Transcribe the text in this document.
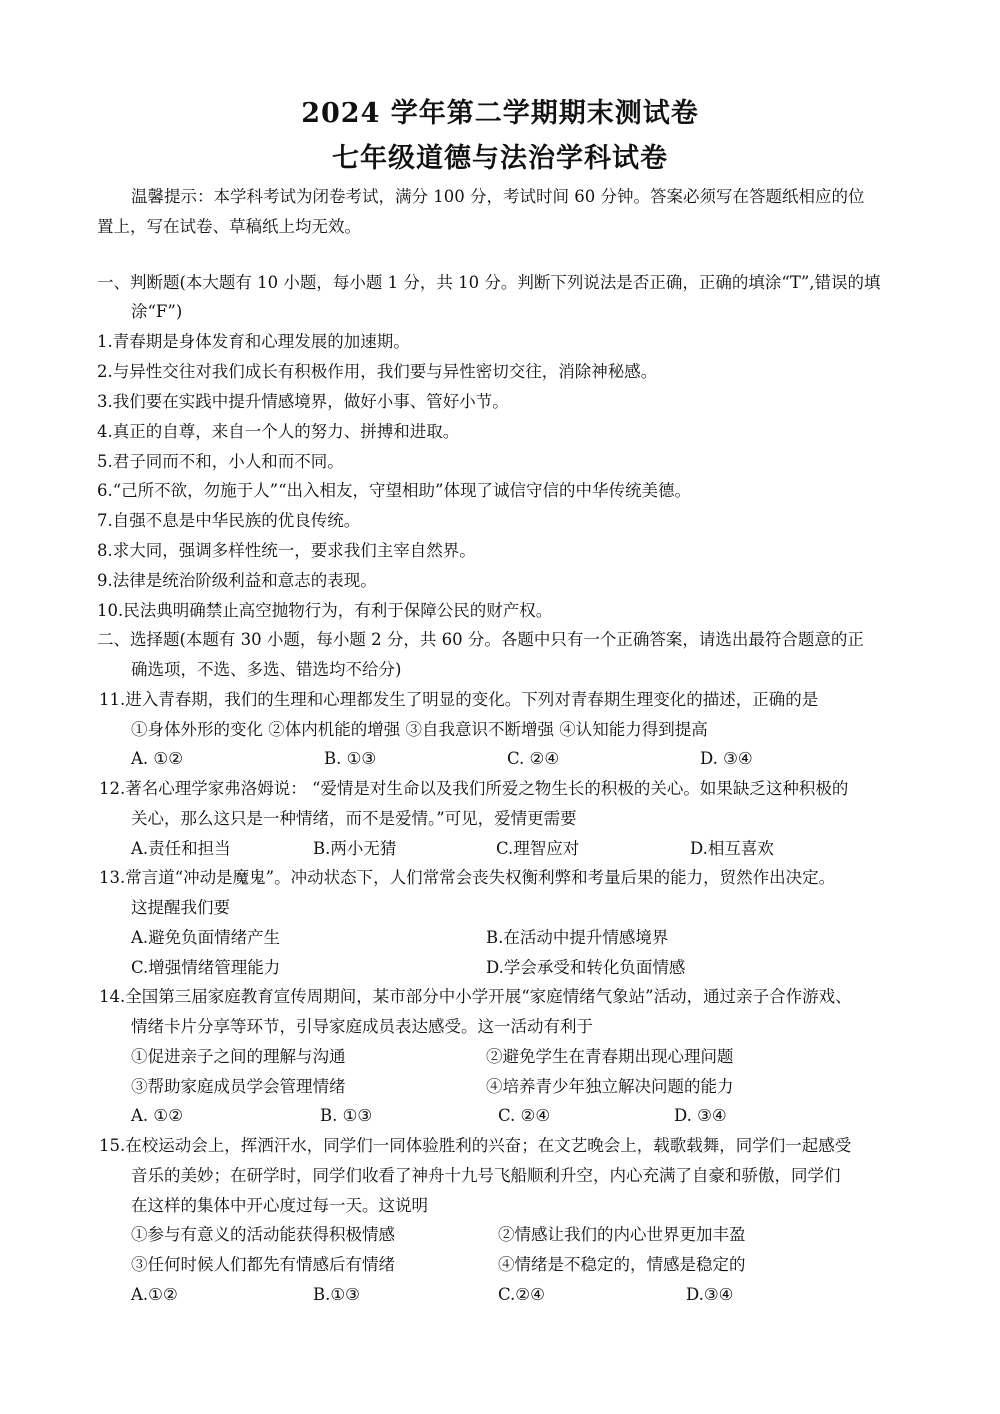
2024 学年第二学期期末测试卷
七年级道德与法治学科试卷
温馨提示：本学科考试为闭卷考试，满分 100 分，考试时间 60 分钟。答案必须写在答题纸相应的位
置上，写在试卷、草稿纸上均无效。
一、判断题(本大题有 10 小题，每小题 1 分，共 10 分。判断下列说法是否正确，正确的填涂“T”,错误的填
涂“F”)
1.青春期是身体发育和心理发展的加速期。
2.与异性交往对我们成长有积极作用，我们要与异性密切交往，消除神秘感。
3.我们要在实践中提升情感境界，做好小事、管好小节。
4.真正的自尊，来自一个人的努力、拼搏和进取。
5.君子同而不和，小人和而不同。
6.“己所不欲，勿施于人”“出入相友，守望相助”体现了诚信守信的中华传统美德。
7.自强不息是中华民族的优良传统。
8.求大同，强调多样性统一，要求我们主宰自然界。
9.法律是统治阶级利益和意志的表现。
10.民法典明确禁止高空抛物行为，有利于保障公民的财产权。
二、选择题(本题有 30 小题，每小题 2 分，共 60 分。各题中只有一个正确答案，请选出最符合题意的正
确选项，不选、多选、错选均不给分)
11.进入青春期，我们的生理和心理都发生了明显的变化。下列对青春期生理变化的描述，正确的是
①身体外形的变化 ②体内机能的增强 ③自我意识不断增强 ④认知能力得到提高
A. ①②	B. ①③	C. ②④	D. ③④
12.著名心理学家弗洛姆说： “爱情是对生命以及我们所爱之物生长的积极的关心。如果缺乏这种积极的
关心，那么这只是一种情绪，而不是爱情。”可见，爱情更需要
A.责任和担当	B.两小无猜	C.理智应对	D.相互喜欢
13.常言道“冲动是魔鬼”。冲动状态下，人们常常会丧失权衡利弊和考量后果的能力，贸然作出决定。
这提醒我们要
A.避免负面情绪产生	B.在活动中提升情感境界
C.增强情绪管理能力	D.学会承受和转化负面情感
14.全国第三届家庭教育宣传周期间，某市部分中小学开展“家庭情绪气象站”活动，通过亲子合作游戏、
情绪卡片分享等环节，引导家庭成员表达感受。这一活动有利于
①促进亲子之间的理解与沟通	②避免学生在青春期出现心理问题
③帮助家庭成员学会管理情绪	④培养青少年独立解决问题的能力
A. ①②	B. ①③	C. ②④	D. ③④
15.在校运动会上，挥洒汗水，同学们一同体验胜利的兴奋；在文艺晚会上，载歌载舞，同学们一起感受
音乐的美妙；在研学时，同学们收看了神舟十九号飞船顺利升空，内心充满了自豪和骄傲，同学们
在这样的集体中开心度过每一天。这说明
①参与有意义的活动能获得积极情感	②情感让我们的内心世界更加丰盈
③任何时候人们都先有情感后有情绪	④情绪是不稳定的，情感是稳定的
A.①②	B.①③	C.②④	D.③④
